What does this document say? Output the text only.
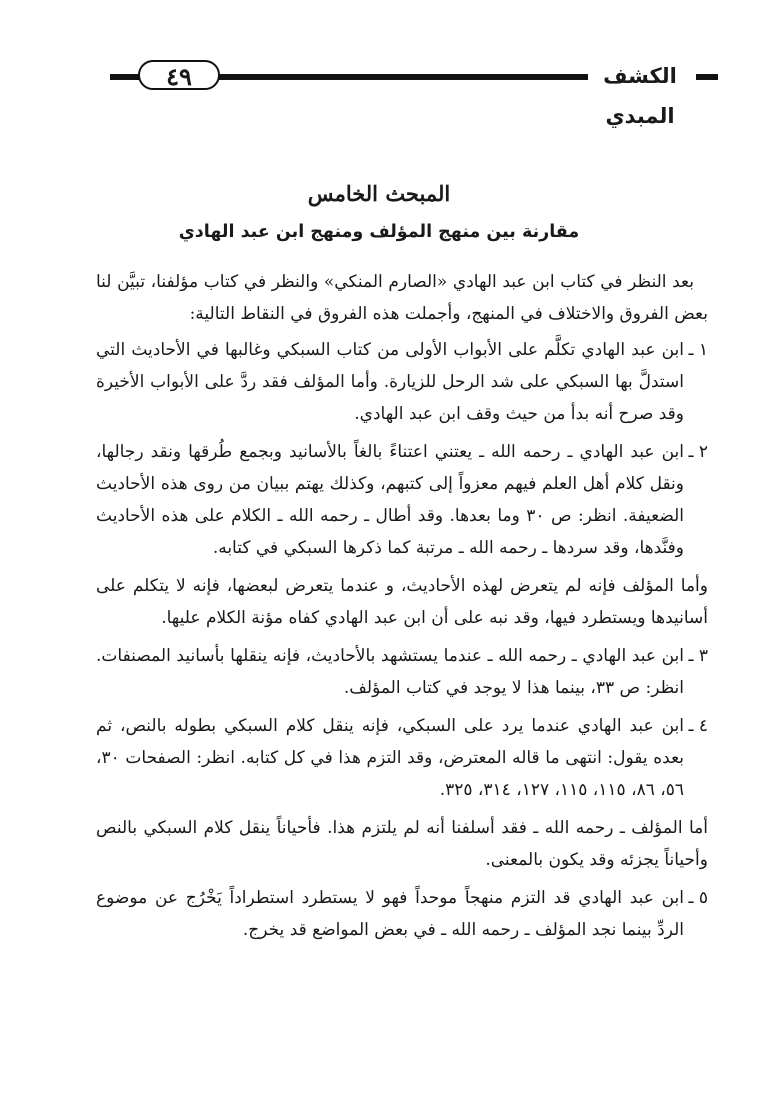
٤٩	الكشف المبدي
المبحث الخامس
مقارنة بين منهج المؤلف ومنهج ابن عبد الهادي

بعد النظر في كتاب ابن عبد الهادي «الصارم المنكي» والنظر في كتاب مؤلفنا، تبيَّن لنا بعض الفروق والاختلاف في المنهج، وأجملت هذه الفروق في النقاط التالية:

١ ـ
ابن عبد الهادي تكلَّم على الأبواب الأولى من كتاب السبكي وغالبها في الأحاديث التي استدلَّ بها السبكي على شد الرحل للزيارة. وأما المؤلف فقد ردَّ على الأبواب الأخيرة وقد صرح أنه بدأ من حيث وقف ابن عبد الهادي.
٢ ـ
ابن عبد الهادي ـ رحمه الله ـ يعتني اعتناءً بالغاً بالأسانيد وبجمع طُرقها ونقد رجالها، ونقل كلام أهل العلم فيهم معزواً إلى كتبهم، وكذلك يهتم ببيان من روى هذه الأحاديث الضعيفة. انظر: ص ٣٠ وما بعدها. وقد أطال ـ رحمه الله ـ الكلام على هذه الأحاديث وفنَّدها، وقد سردها ـ رحمه الله ـ مرتبة كما ذكرها السبكي في كتابه.

وأما المؤلف فإنه لم يتعرض لهذه الأحاديث، و عندما يتعرض لبعضها، فإنه لا يتكلم على أسانيدها ويستطرد فيها، وقد نبه على أن ابن عبد الهادي كفاه مؤنة الكلام عليها.

٣ ـ
ابن عبد الهادي ـ رحمه الله ـ عندما يستشهد بالأحاديث، فإنه ينقلها بأسانيد المصنفات. انظر: ص ٣٣، بينما هذا لا يوجد في كتاب المؤلف.
٤ ـ
ابن عبد الهادي عندما يرد على السبكي، فإنه ينقل كلام السبكي بطوله بالنص، ثم بعده يقول: انتهى ما قاله المعترض، وقد التزم هذا في كل كتابه. انظر: الصفحات ٣٠، ٥٦، ٨٦، ١١٥، ١١٥، ١٢٧، ٣١٤، ٣٢٥.

أما المؤلف ـ رحمه الله ـ فقد أسلفنا أنه لم يلتزم هذا. فأحياناً ينقل كلام السبكي بالنص وأحياناً يجزئه وقد يكون بالمعنى.

٥ ـ
ابن عبد الهادي قد التزم منهجاً موحداً فهو لا يستطرد استطراداً يَخْرُج عن موضوع الردِّ بينما نجد المؤلف ـ رحمه الله ـ في بعض المواضع قد يخرج.
